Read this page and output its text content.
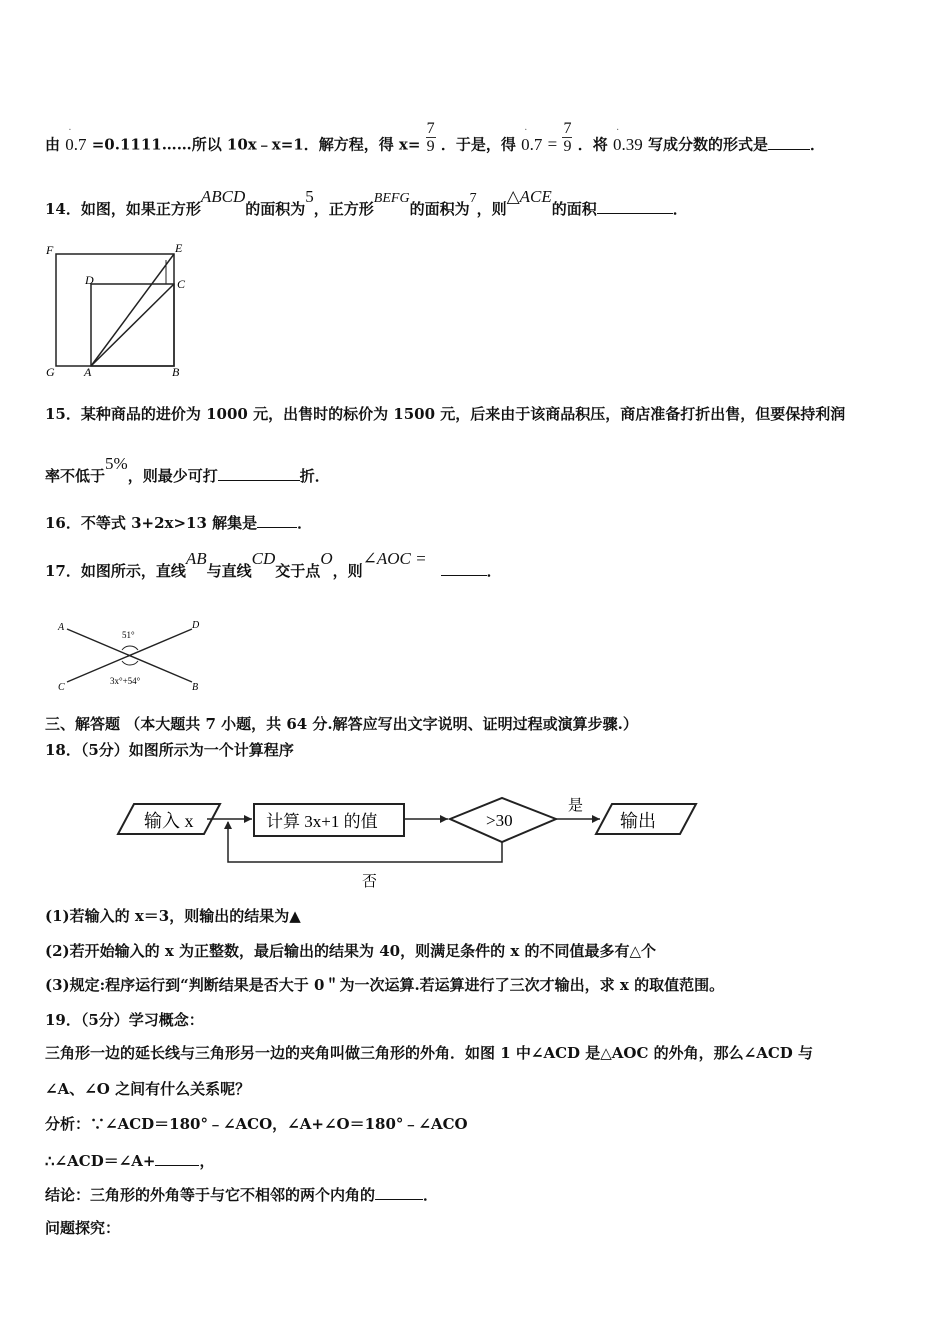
由 · 0.7 =0.1111……所以 10x﹣x=1．解方程，得 $x= \frac{7}{9}$ ．于是，得 · $0.7 = \frac{7}{9}$ ．将 · 0.39 写成分数的形式是	．
14．如图，如果正方形ABCD的面积为5，正方形BEFG的面积为7，则△ACE的面积	．
F	E
D	C
G A	B
15．某种商品的进价为 1000 元，出售时的标价为 1500 元，后来由于该商品积压，商店准备打折出售，但要保持利润
率不低于5%，则最少可打	折．
16．不等式 3+2x>13 解集是	．
17．如图所示，直线AB与直线CD交于点O，则∠AOC =．
A	D
C	B
51°
3x°+54°
三、解答题 （本大题共 7 小题，共 64 分.解答应写出文字说明、证明过程或演算步骤.）
18．（5分）如图所示为一个计算程序
输入 x	计算 3x+1 的值	>30
是
输出
否
(1)若输入的 x＝3，则输出的结果为▲
(2)若开始输入的 x 为正整数，最后输出的结果为 40，则满足条件的 x 的不同值最多有△个
(3)规定:程序运行到“判断结果是否大于 0＂为一次运算.若运算进行了三次才输出，求 x 的取值范围。
19．（5分）学习概念：
三角形一边的延长线与三角形另一边的夹角叫做三角形的外角．如图 1 中∠ACD 是△AOC 的外角，那么∠ACD 与
∠A、∠O 之间有什么关系呢？
分析：∵∠ACD＝180°﹣∠ACO，∠A+∠O＝180°﹣∠ACO
∴∠ACD＝∠A+	，
结论：三角形的外角等于与它不相邻的两个内角的	．
问题探究：
